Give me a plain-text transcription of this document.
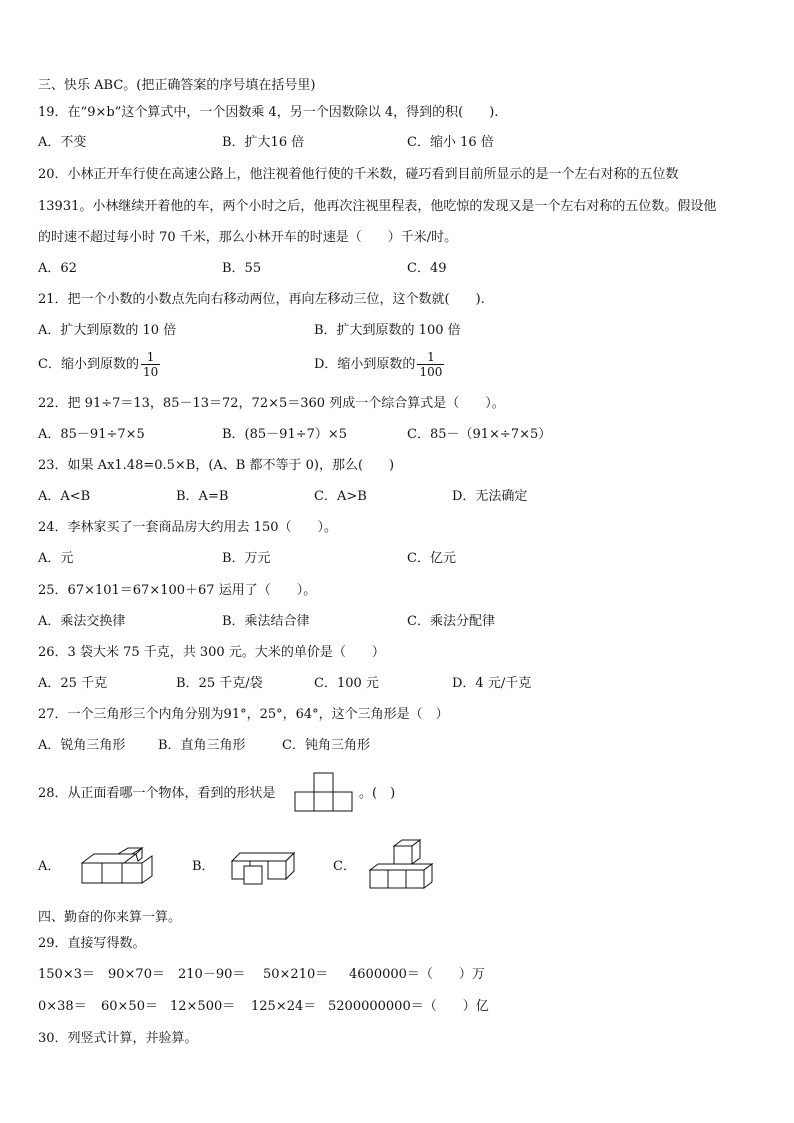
三、快乐 ABC。(把正确答案的序号填在括号里)
19．在“9×b”这个算式中，一个因数乘 4，另一个因数除以 4，得到的积(　　).
A．不变	B．扩大16 倍	C．缩小 16 倍
20．小林正开车行使在高速公路上，他注视着他行使的千米数，碰巧看到目前所显示的是一个左右对称的五位数
13931。小林继续开着他的车，两个小时之后，他再次注视里程表，他吃惊的发现又是一个左右对称的五位数。假设他
的时速不超过每小时 70 千米，那么小林开车的时速是（　　）千米/时。
A．62	B．55	C．49
21．把一个小数的小数点先向右移动两位，再向左移动三位，这个数就(　　).
A．扩大到原数的 10 倍	B．扩大到原数的 100 倍
C．缩小到原数的 $\frac{1}{10}$	D．缩小到原数的 $\frac{1}{100}$
22．把 91÷7＝13，85－13＝72，72×5＝360 列成一个综合算式是（　　）。
A．85－91÷7×5	B．(85－91÷7）×5	C．85－（91×÷7×5）
23．如果 Ax1.48=0.5×B，(A、B 都不等于 0)，那么(　　)
A．A<B	B．A=B	C．A>B	D．无法确定
24．李林家买了一套商品房大约用去 150（　　）。
A．元	B．万元	C．亿元
25．67×101＝67×100＋67 运用了（　　）。
A．乘法交换律	B．乘法结合律	C．乘法分配律
26．3 袋大米 75 千克，共 300 元。大米的单价是（　　）
A．25 千克	B．25 千克/袋	C．100 元	D．4 元/千克
27．一个三角形三个内角分别为91°，25°，64°，这个三角形是（　）
A．锐角三角形	B．直角三角形	C．钝角三角形
28．从正面看哪一个物体，看到的形状是	。(　)
A．	B．	C．
四、勤奋的你来算一算。
29．直接写得数。
150×3＝ 90×70＝ 210－90＝ 50×210＝ 4600000＝（　　）万
0×38＝ 60×50＝ 12×500＝ 125×24＝ 5200000000＝（　　）亿
30．列竖式计算，并验算。
